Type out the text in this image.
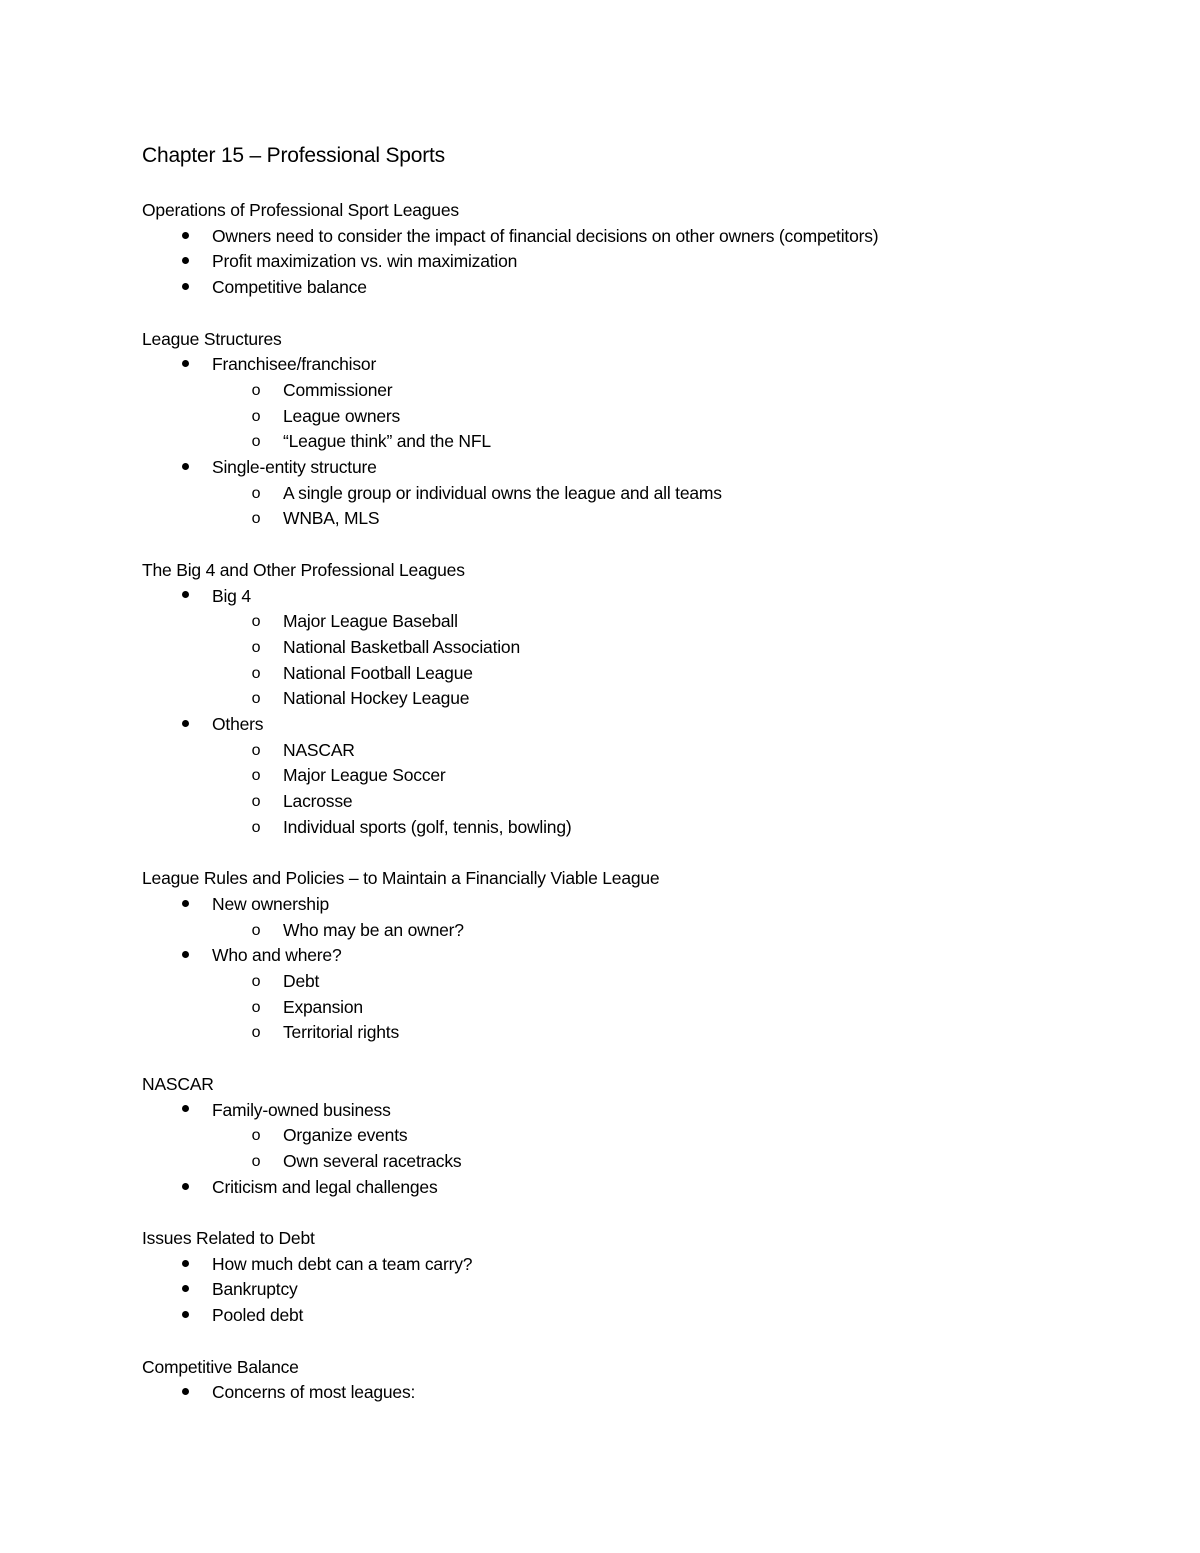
Chapter 15 – Professional Sports
Operations of Professional Sport Leagues
Owners need to consider the impact of financial decisions on other owners (competitors)
Profit maximization vs. win maximization
Competitive balance
League Structures
Franchisee/franchisor
o	Commissioner
o	League owners
o	“League think” and the NFL
Single-entity structure
o	A single group or individual owns the league and all teams
o	WNBA, MLS
The Big 4 and Other Professional Leagues
Big 4
o	Major League Baseball
o	National Basketball Association
o	National Football League
o	National Hockey League
Others
o	NASCAR
o	Major League Soccer
o	Lacrosse
o	Individual sports (golf, tennis, bowling)
League Rules and Policies – to Maintain a Financially Viable League
New ownership
o	Who may be an owner?
Who and where?
o	Debt
o	Expansion
o	Territorial rights
NASCAR
Family-owned business
o	Organize events
o	Own several racetracks
Criticism and legal challenges
Issues Related to Debt
How much debt can a team carry?
Bankruptcy
Pooled debt
Competitive Balance
Concerns of most leagues:
